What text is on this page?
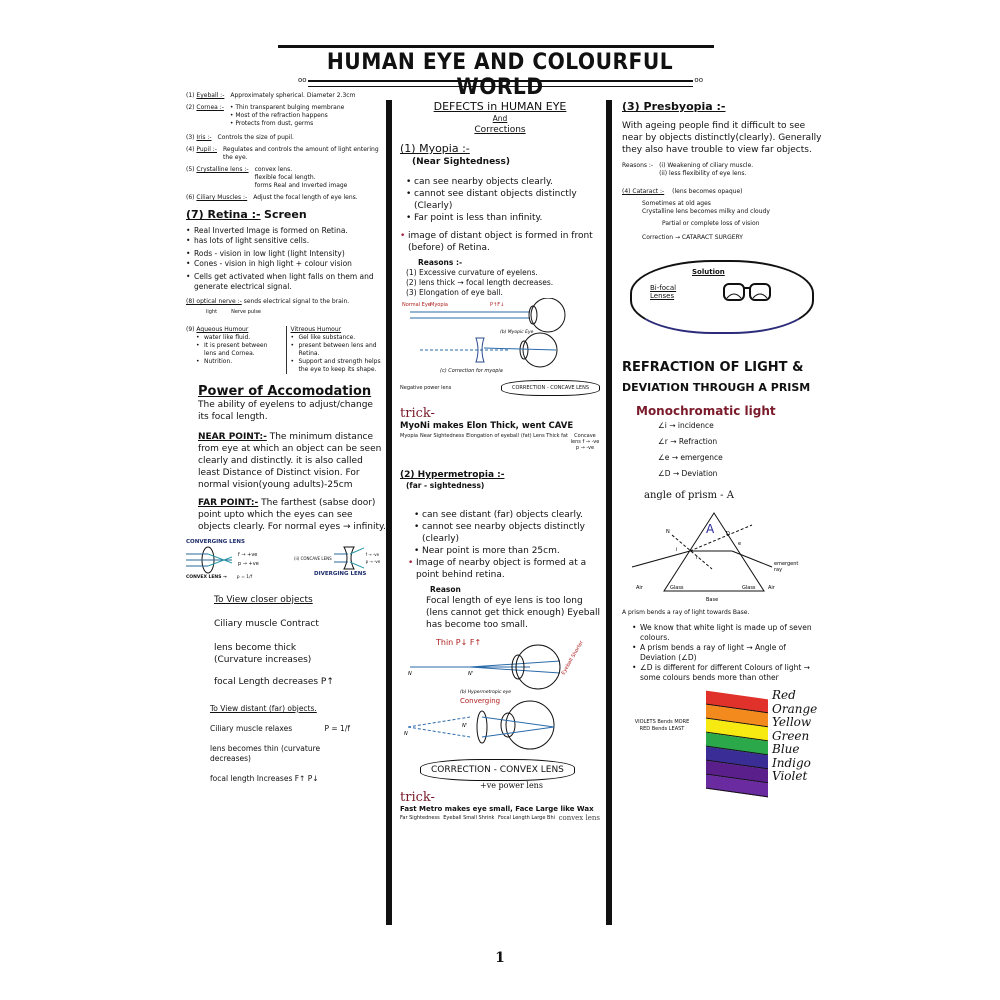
HUMAN EYE AND COLOURFUL WORLD
oo oo
(1) Eyeball :- Approximately spherical. Diameter 2.3cm
(2) Cornea :- • Thin transparent bulging membrane
• Most of the refraction happens
• Protects from dust, germs
(3) Iris :- Controls the size of pupil.
(4) Pupil :- Regulates and controls the amount of light entering the eye.
(5) Crystalline lens :- convex lens.
flexible focal length.
forms Real and Inverted image
(6) Ciliary Muscles :- Adjust the focal length of eye lens.
(7) Retina :- Screen
• Real Inverted Image is formed on Retina.
• has lots of light sensitive cells.
• Rods - vision in low light (light Intensity)
• Cones - vision in high light + colour vision
• Cells get activated when light falls on them and generate electrical signal.
(8) optical nerve :- sends electrical signal to the brain.
light	Nerve pulse
(9) Aqueous Humour
• water like fluid.
• It is present between lens and Cornea.
• Nutrition.
Vitreous Humour
• Gel like substance.
• present between lens and Retina.
• Support and strength helps the eye to keep its shape.
Power of Accomodation
The ability of eyelens to adjust/change its focal length.
NEAR POINT:- The minimum distance from eye at which an object can be seen clearly and distinctly. it is also called least Distance of Distinct vision. For normal vision(young adults)-25cm
FAR POINT:- The farthest (sabse door) point upto which the eyes can see objects clearly. For normal eyes → infinity.
CONVERGING LENS
f → +ve
p → +ve
CONVEX LENS → p = 1/f
(ii) CONCAVE LENS
f → -ve
p → -ve
DIVERGING LENS
To View closer objects
Ciliary muscle Contract
lens become thick (Curvature increases)
focal Length decreases P↑
To View distant (far) objects.
Ciliary muscle relaxes	P = 1/f
lens becomes thin (curvature decreases)
focal length Increases F↑ P↓
DEFECTS in HUMAN EYE
And
Corrections
(1) Myopia :-
(Near Sightedness)
• can see nearby objects clearly.
• cannot see distant objects distinctly (Clearly)
• Far point is less than infinity.
• image of distant object is formed in front (before) of Retina.
Reasons :-
(1) Excessive curvature of eyelens.
(2) lens thick → focal length decreases.
(3) Elongation of eye ball.
Normal Eye Myopia	P↑F↓
(b) Myopic Eye
(c) Correction for myopia
Negative power lens	CORRECTION - CONCAVE LENS
trick-
MyoNi makes Elon Thick, went CAVE
Myopia Near Sightedness Elongation of eyeball (fat) Lens Thick fat	Concave lens f → -ve p → -ve
(2) Hypermetropia :-
(far - sightedness)
• can see distant (far) objects clearly.
• cannot see nearby objects distinctly (clearly)
• Near point is more than 25cm.
• Image of nearby object is formed at a point behind retina.
Reason
Focal length of eye lens is too long (lens cannot get thick enough) Eyeball has become too small.
Thin P↓ F↑
N	N'	Eyeball Shorter
(b) Hypermetropic eye
Converging
N
N'
CORRECTION - CONVEX LENS
+ve power lens
trick-
Fast Metro makes eye small, Face Large like Wax
Far Sightedness Eyeball Small Shrink Focal Length Large Bhi convex lens
(3) Presbyopia :-
With ageing people find it difficult to see near by objects distinctly(clearly). Generally they also have trouble to view far objects.
Reasons :- (i) Weakening of ciliary muscle.
(ii) less flexibility of eye lens.
(4) Cataract :- (lens becomes opaque)
Sometimes at old ages
Crystalline lens becomes milky and cloudy
Partial or complete loss of vision
Correction → CATARACT SURGERY
Solution
Bi-focal Lenses
REFRACTION OF LIGHT &
DEVIATION THROUGH A PRISM
Monochromatic light
∠i → incidence
∠r → Refraction
∠e → emergence
∠D → Deviation
angle of prism - A
A
N
i
r
e
D
emergent
ray
Air	Glass	Glass Air
Base
A prism bends a ray of light towards Base.
• We know that white light is made up of seven colours.
• A prism bends a ray of light → Angle of Deviation (∠D)
• ∠D is different for different Colours of light → some colours bends more than other
VIOLETS Bends MORE
RED Bends LEAST
Red
Orange
Yellow
Green
Blue
Indigo
Violet
1
